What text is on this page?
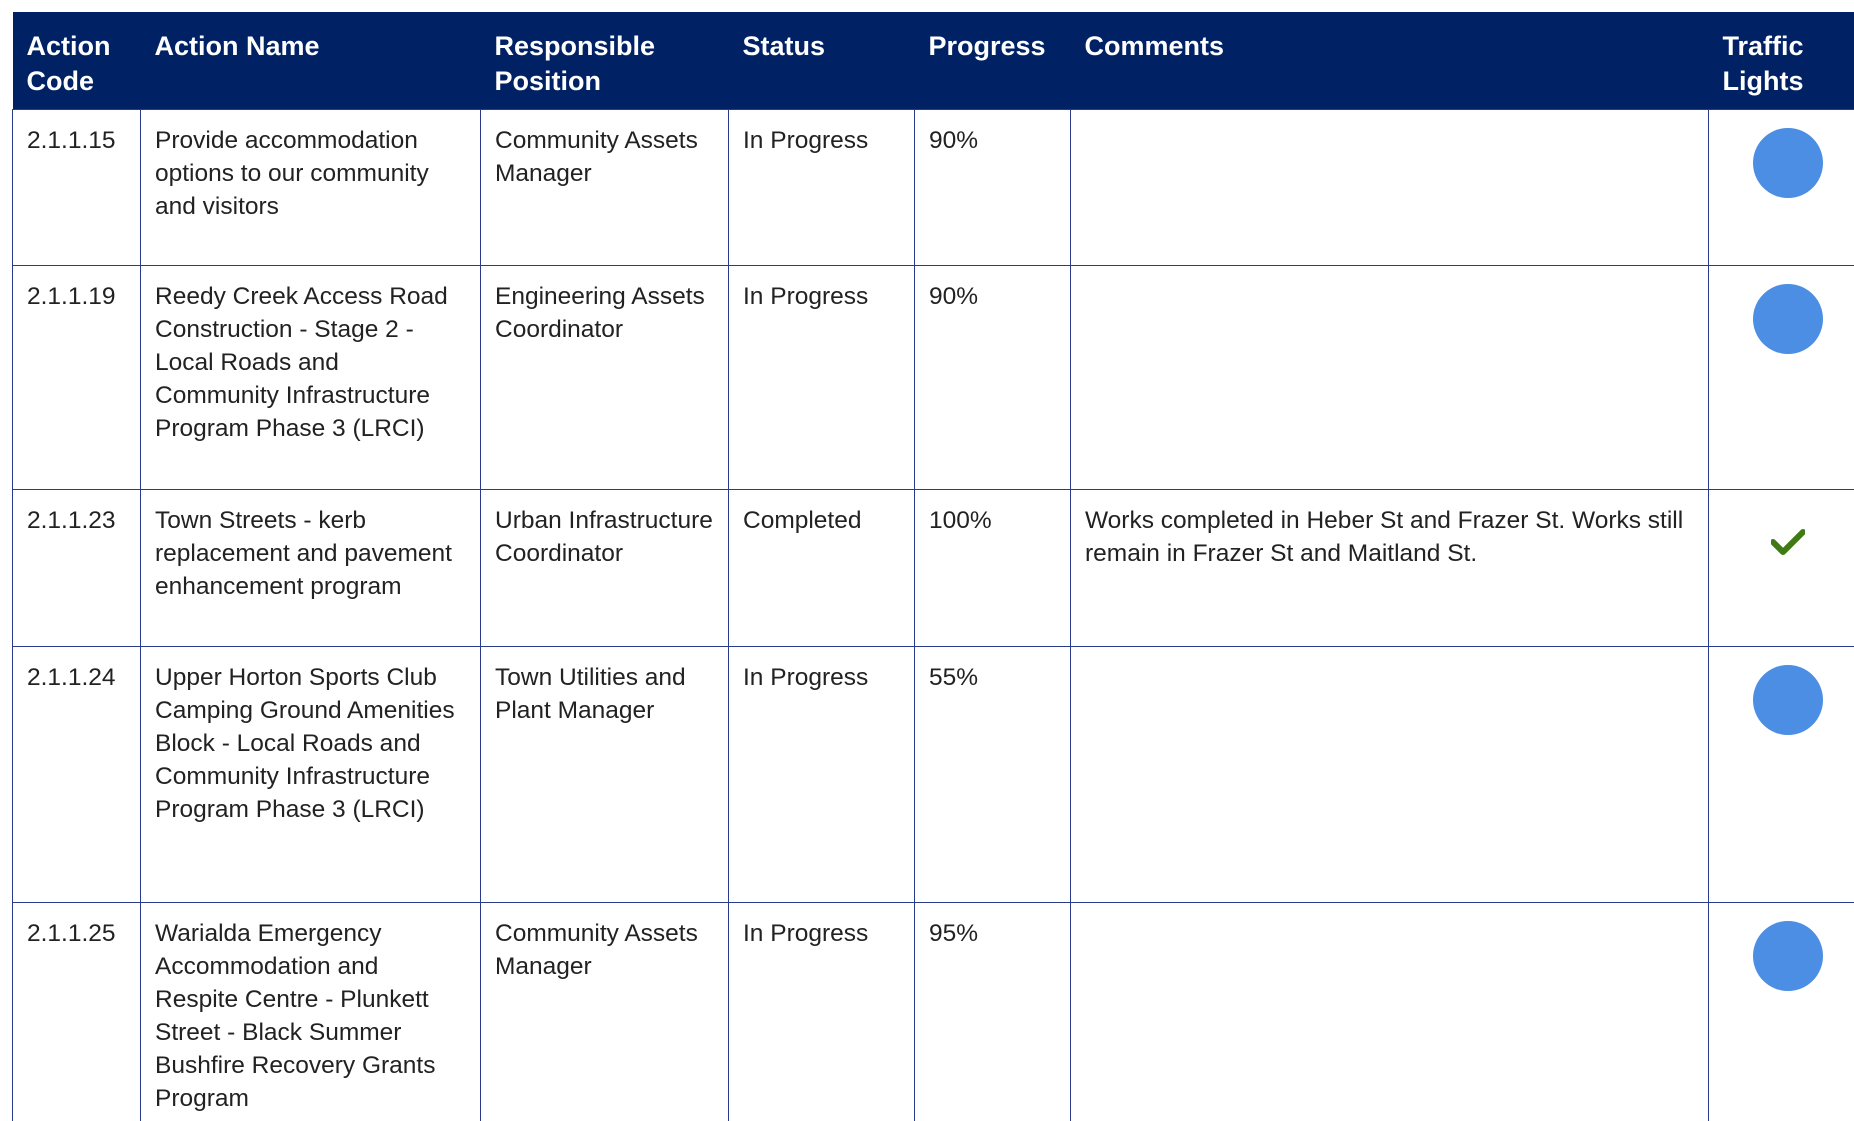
Action Code	Action Name	Responsible Position	Status	Progress	Comments	Traffic Lights
2.1.1.15	Provide accommodation options to our community and visitors	Community Assets Manager	In Progress	90%		
2.1.1.19	Reedy Creek Access Road Construction - Stage 2 - Local Roads and Community Infrastructure Program Phase 3 (LRCI)	Engineering Assets Coordinator	In Progress	90%		
2.1.1.23	Town Streets - kerb replacement and pavement enhancement program	Urban Infrastructure Coordinator	Completed	100%	Works completed in Heber St and Frazer St. Works still remain in Frazer St and Maitland St.	
2.1.1.24	Upper Horton Sports Club Camping Ground Amenities Block - Local Roads and Community Infrastructure Program Phase 3 (LRCI)	Town Utilities and Plant Manager	In Progress	55%		
2.1.1.25	Warialda Emergency Accommodation and Respite Centre - Plunkett Street - Black Summer Bushfire Recovery Grants Program	Community Assets Manager	In Progress	95%		
